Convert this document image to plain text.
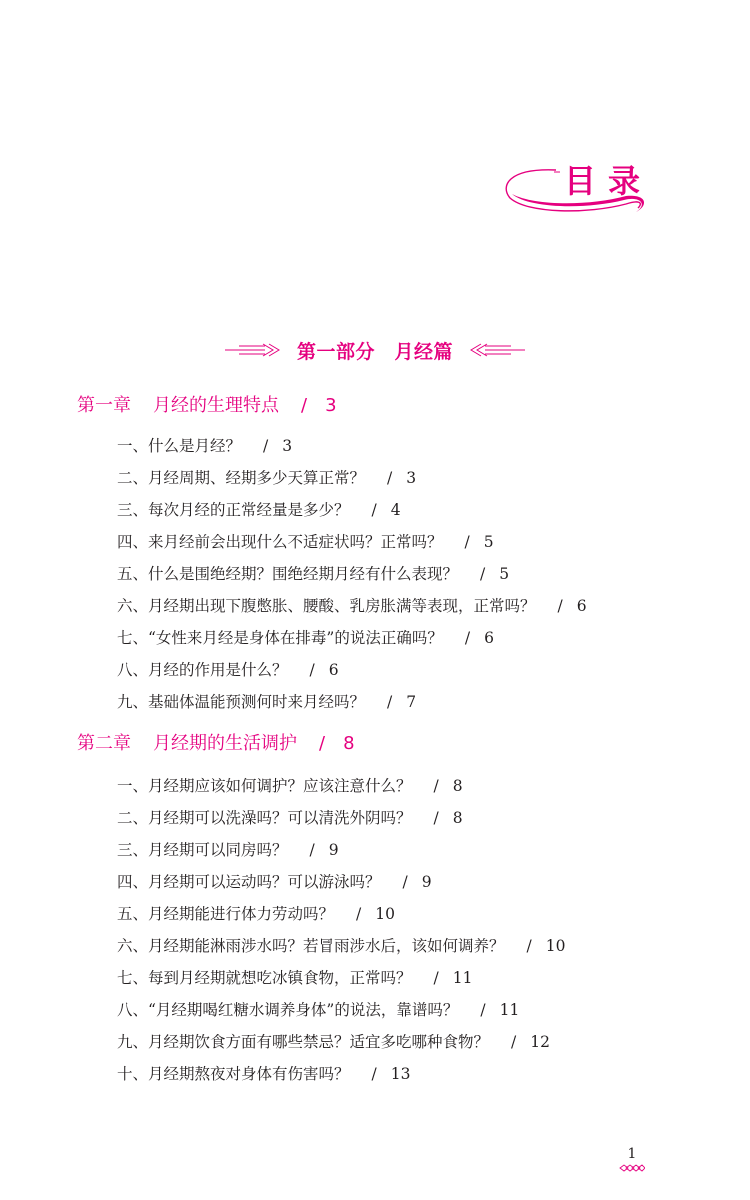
目录
第一部分　月经篇
第一章 月经的生理特点 / 3
一、什么是月经？ / 3
二、月经周期、经期多少天算正常？ / 3
三、每次月经的正常经量是多少？ / 4
四、来月经前会出现什么不适症状吗？正常吗？ / 5
五、什么是围绝经期？围绝经期月经有什么表现？ / 5
六、月经期出现下腹憋胀、腰酸、乳房胀满等表现，正常吗？ / 6
七、“女性来月经是身体在排毒”的说法正确吗？ / 6
八、月经的作用是什么？ / 6
九、基础体温能预测何时来月经吗？ / 7
第二章 月经期的生活调护 / 8
一、月经期应该如何调护？应该注意什么？ / 8
二、月经期可以洗澡吗？可以清洗外阴吗？ / 8
三、月经期可以同房吗？ / 9
四、月经期可以运动吗？可以游泳吗？ / 9
五、月经期能进行体力劳动吗？ / 10
六、月经期能淋雨涉水吗？若冒雨涉水后，该如何调养？ / 10
七、每到月经期就想吃冰镇食物，正常吗？ / 11
八、“月经期喝红糖水调养身体”的说法，靠谱吗？ / 11
九、月经期饮食方面有哪些禁忌？适宜多吃哪种食物？ / 12
十、月经期熬夜对身体有伤害吗？ / 13
1
